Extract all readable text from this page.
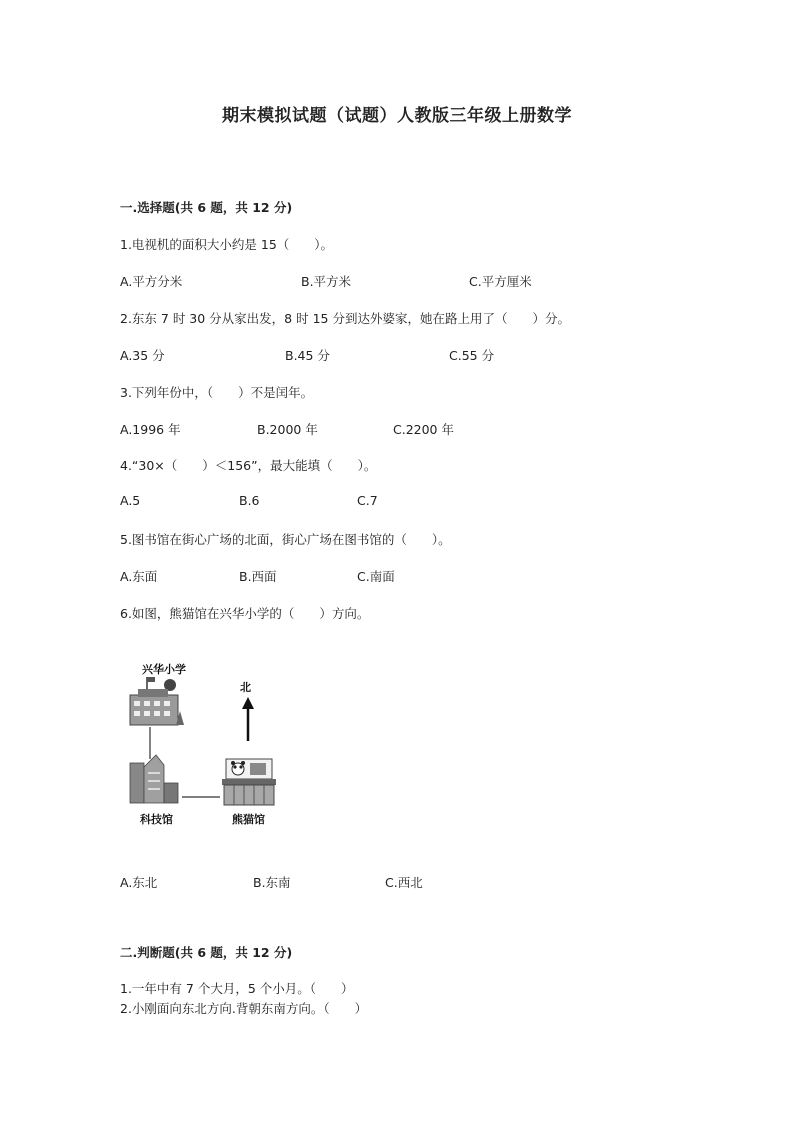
期末模拟试题（试题）人教版三年级上册数学
一.选择题(共 6 题，共 12 分)
1.电视机的面积大小约是 15（　　）。
A.平方分米	B.平方米	C.平方厘米
2.东东 7 时 30 分从家出发，8 时 15 分到达外婆家，她在路上用了（　　）分。
A.35 分	B.45 分	C.55 分
3.下列年份中，（　　）不是闰年。
A.1996 年	B.2000 年	C.2200 年
4.“30×（　　）＜156”，最大能填（　　）。
A.5	B.6	C.7
5.图书馆在街心广场的北面，街心广场在图书馆的（　　）。
A.东面	B.西面	C.南面
6.如图，熊猫馆在兴华小学的（　　）方向。
兴华小学
北
科技馆	熊猫馆
A.东北	B.东南	C.西北
二.判断题(共 6 题，共 12 分)
1.一年中有 7 个大月，5 个小月。（　　）
2.小刚面向东北方向.背朝东南方向。（　　）
